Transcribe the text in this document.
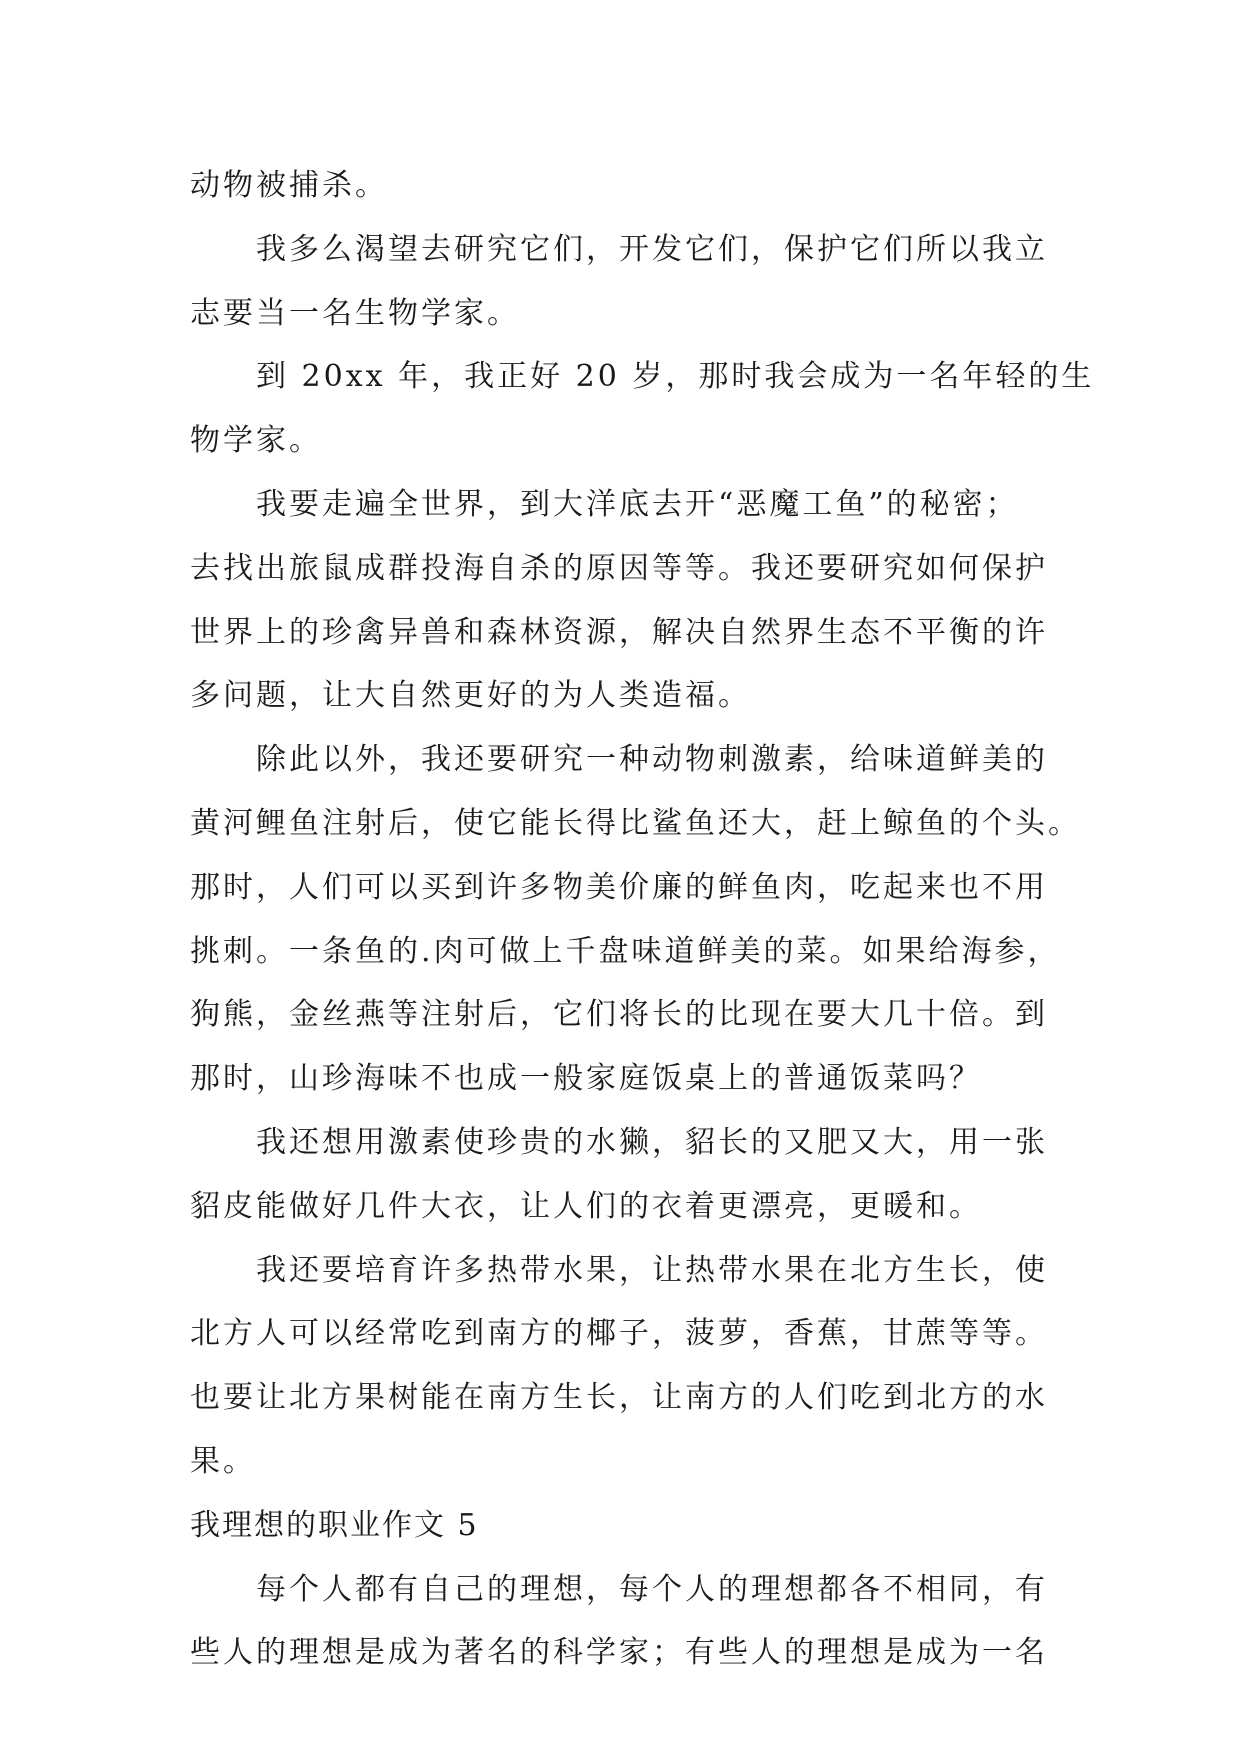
动物被捕杀。
我多么渴望去研究它们，开发它们，保护它们所以我立
志要当一名生物学家。
到 20xx 年，我正好 20 岁，那时我会成为一名年轻的生
物学家。
我要走遍全世界，到大洋底去开“恶魔工鱼”的秘密；
去找出旅鼠成群投海自杀的原因等等。我还要研究如何保护
世界上的珍禽异兽和森林资源，解决自然界生态不平衡的许
多问题，让大自然更好的为人类造福。
除此以外，我还要研究一种动物刺激素，给味道鲜美的
黄河鲤鱼注射后，使它能长得比鲨鱼还大，赶上鲸鱼的个头。
那时，人们可以买到许多物美价廉的鲜鱼肉，吃起来也不用
挑刺。一条鱼的.肉可做上千盘味道鲜美的菜。如果给海参，
狗熊，金丝燕等注射后，它们将长的比现在要大几十倍。到
那时，山珍海味不也成一般家庭饭桌上的普通饭菜吗？
我还想用激素使珍贵的水獭，貂长的又肥又大，用一张
貂皮能做好几件大衣，让人们的衣着更漂亮，更暖和。
我还要培育许多热带水果，让热带水果在北方生长，使
北方人可以经常吃到南方的椰子，菠萝，香蕉，甘蔗等等。
也要让北方果树能在南方生长，让南方的人们吃到北方的水
果。
我理想的职业作文 5
每个人都有自己的理想，每个人的理想都各不相同，有
些人的理想是成为著名的科学家；有些人的理想是成为一名
